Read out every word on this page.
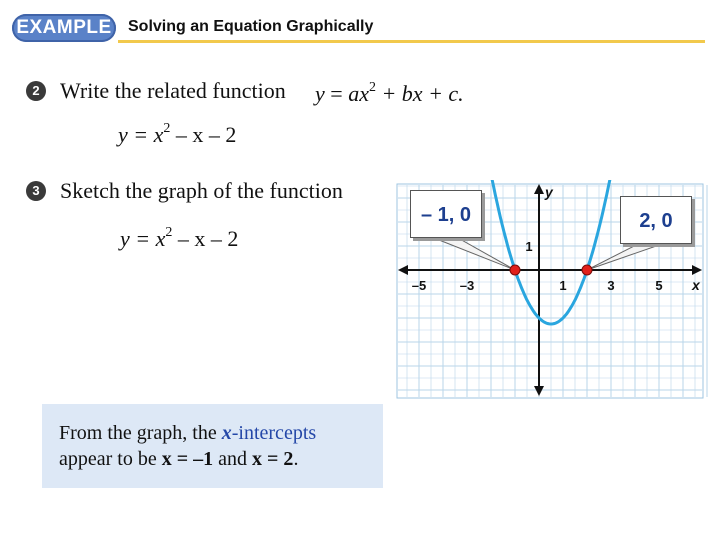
EXAMPLE Solving an Equation Graphically
2 Write the related function $y = ax^2$ + bx + c.
$y = x^2 - x - 2$
3 Sketch the graph of the function
$y = x^2 - x - 2$
From the graph, the x-intercepts
appear to be x = –1 and x = 2.
–5	–3	1	3	5
1
x
y
– 1, 0	2, 0
